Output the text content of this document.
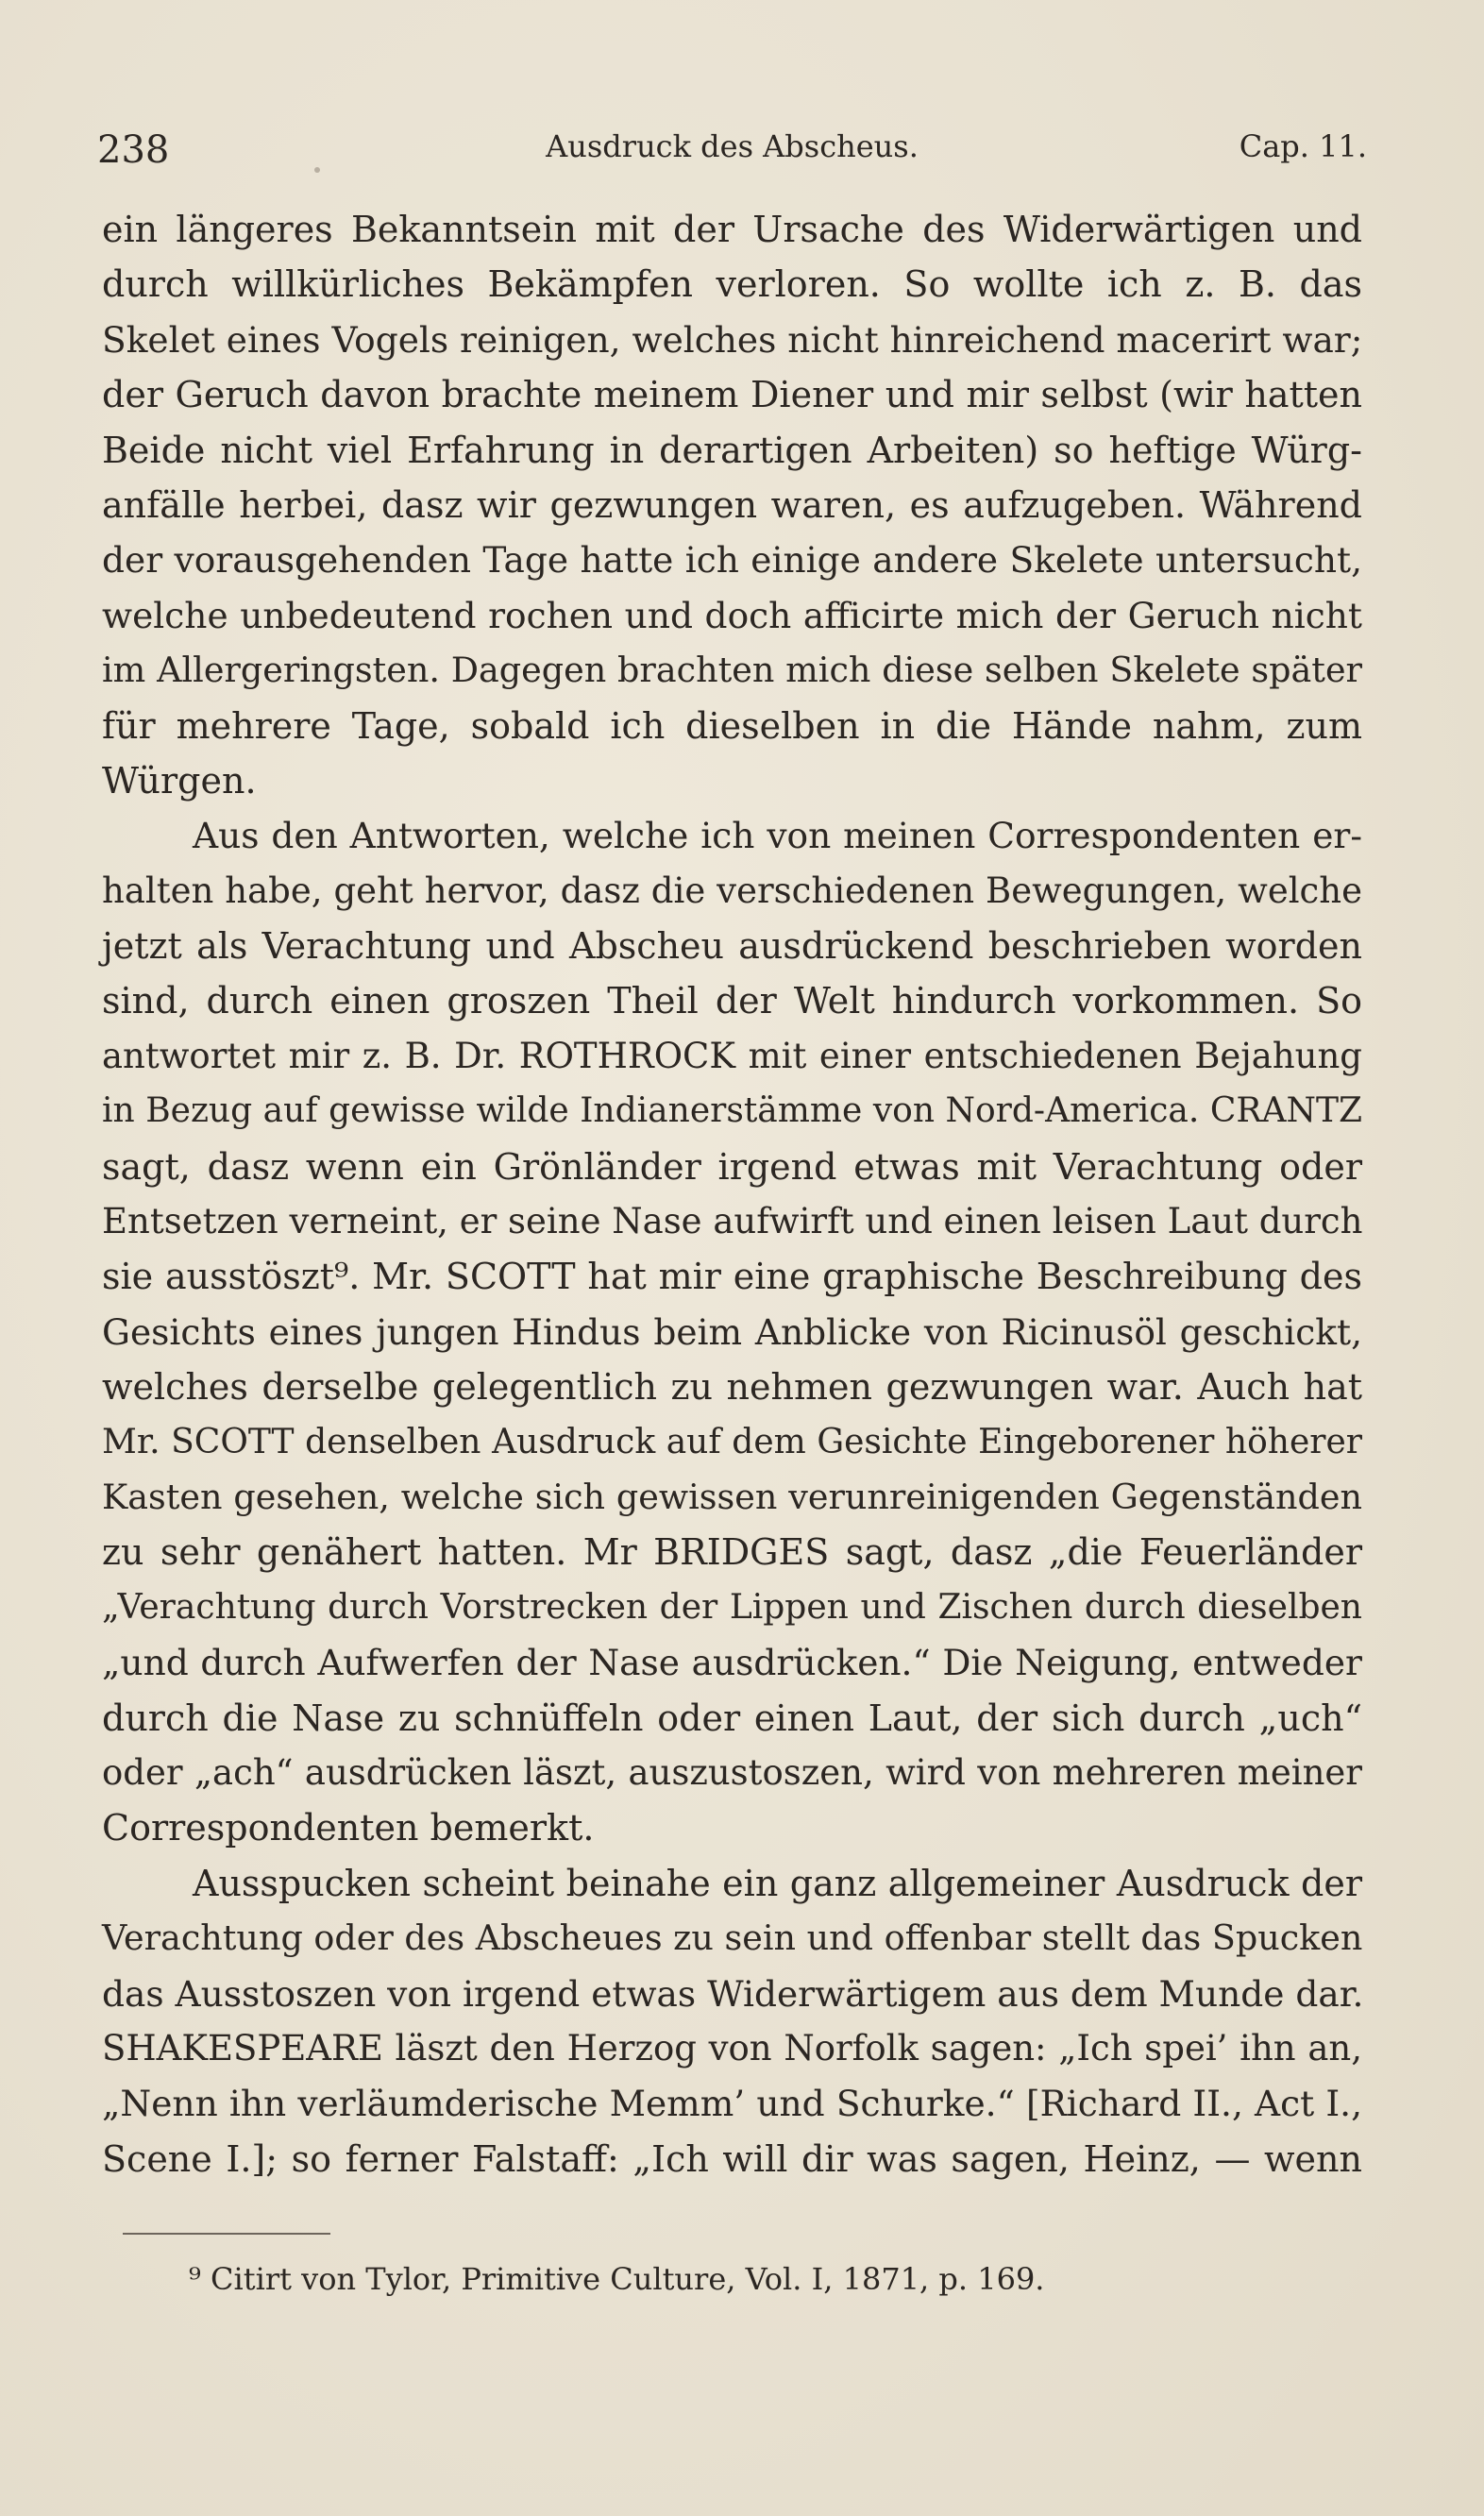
238	Ausdruck des Abscheus.	Cap. 11.
ein längeres Bekanntsein mit der Ursache des Widerwärtigen und
durch willkürliches Bekämpfen verloren. So wollte ich z. B. das
Skelet eines Vogels reinigen, welches nicht hinreichend macerirt war;
der Geruch davon brachte meinem Diener und mir selbst (wir hatten
Beide nicht viel Erfahrung in derartigen Arbeiten) so heftige Würg-
anfälle herbei, dasz wir gezwungen waren, es aufzugeben. Während
der vorausgehenden Tage hatte ich einige andere Skelete untersucht,
welche unbedeutend rochen und doch afficirte mich der Geruch nicht
im Allergeringsten. Dagegen brachten mich diese selben Skelete später
für mehrere Tage, sobald ich dieselben in die Hände nahm, zum
Würgen.
Aus den Antworten, welche ich von meinen Correspondenten er-
halten habe, geht hervor, dasz die verschiedenen Bewegungen, welche
jetzt als Verachtung und Abscheu ausdrückend beschrieben worden
sind, durch einen groszen Theil der Welt hindurch vorkommen. So
antwortet mir z. B. Dr. ROTHROCK mit einer entschiedenen Bejahung
in Bezug auf gewisse wilde Indianerstämme von Nord-America. CRANTZ
sagt, dasz wenn ein Grönländer irgend etwas mit Verachtung oder
Entsetzen verneint, er seine Nase aufwirft und einen leisen Laut durch
sie ausstöszt⁹. Mr. SCOTT hat mir eine graphische Beschreibung des
Gesichts eines jungen Hindus beim Anblicke von Ricinusöl geschickt,
welches derselbe gelegentlich zu nehmen gezwungen war. Auch hat
Mr. SCOTT denselben Ausdruck auf dem Gesichte Eingeborener höherer
Kasten gesehen, welche sich gewissen verunreinigenden Gegenständen
zu sehr genähert hatten. Mr BRIDGES sagt, dasz „die Feuerländer
„Verachtung durch Vorstrecken der Lippen und Zischen durch dieselben
„und durch Aufwerfen der Nase ausdrücken.“ Die Neigung, entweder
durch die Nase zu schnüffeln oder einen Laut, der sich durch „uch“
oder „ach“ ausdrücken läszt, auszustoszen, wird von mehreren meiner
Correspondenten bemerkt.
Ausspucken scheint beinahe ein ganz allgemeiner Ausdruck der
Verachtung oder des Abscheues zu sein und offenbar stellt das Spucken
das Ausstoszen von irgend etwas Widerwärtigem aus dem Munde dar.
SHAKESPEARE läszt den Herzog von Norfolk sagen: „Ich spei’ ihn an,
„Nenn ihn verläumderische Memm’ und Schurke.“ [Richard II., Act I.,
Scene I.]; so ferner Falstaff: „Ich will dir was sagen, Heinz, — wenn
⁹ Citirt von Tylor, Primitive Culture, Vol. I, 1871, p. 169.
